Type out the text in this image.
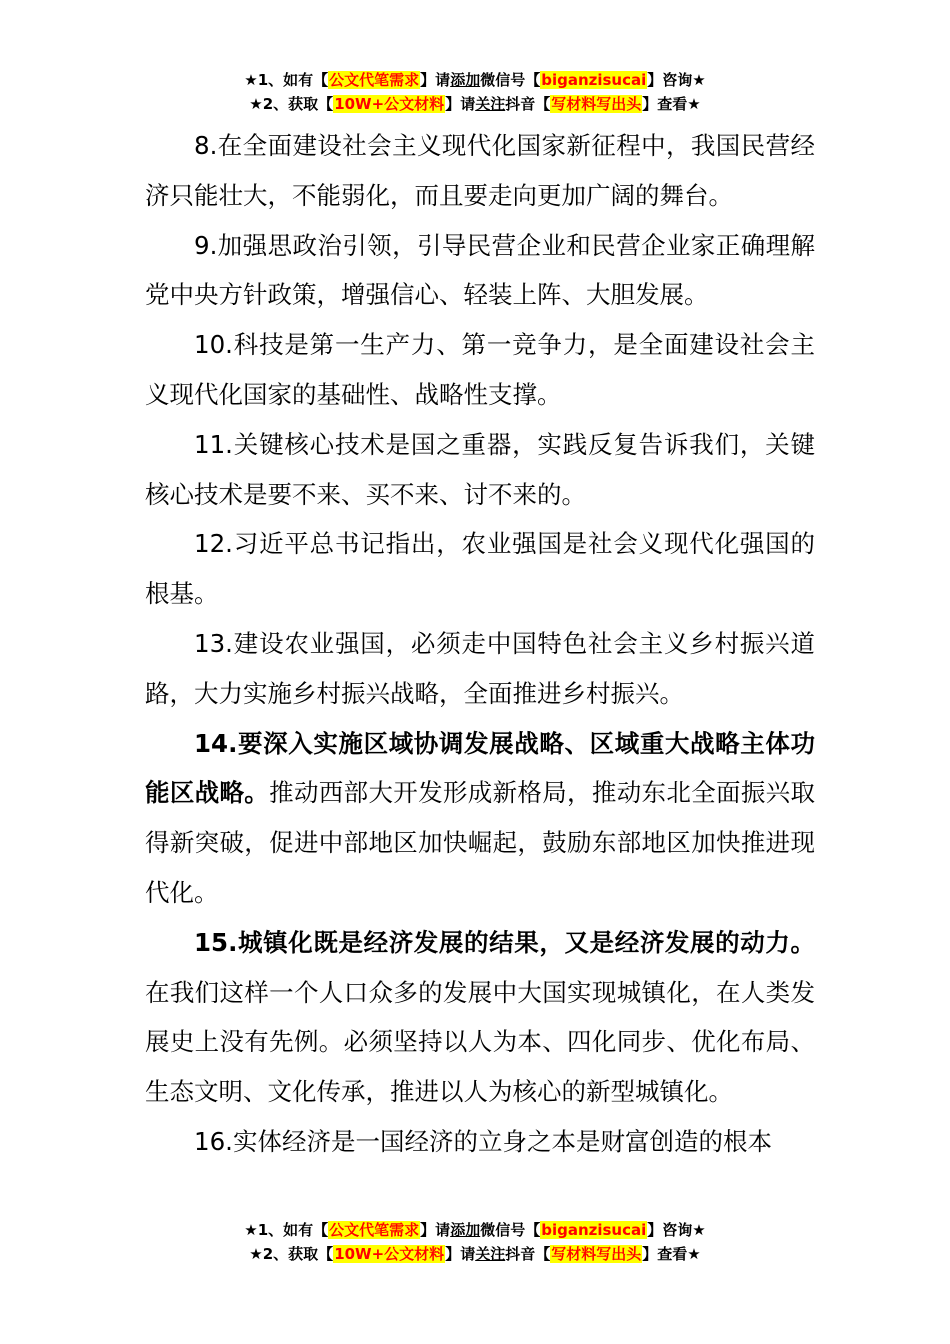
★1、如有【公文代笔需求】请添加微信号【biganzisucai】咨询★
★2、获取【10W+公文材料】请关注抖音【写材料写出头】查看★

8.在全面建设社会主义现代化国家新征程中，我国民营经济只能壮大，不能弱化，而且要走向更加广阔的舞台。

9.加强思政治引领，引导民营企业和民营企业家正确理解党中央方针政策，增强信心、轻装上阵、大胆发展。

10.科技是第一生产力、第一竞争力，是全面建设社会主义现代化国家的基础性、战略性支撑。

11.关键核心技术是国之重器，实践反复告诉我们，关键核心技术是要不来、买不来、讨不来的。

12.习近平总书记指出，农业强国是社会义现代化强国的根基。

13.建设农业强国，必须走中国特色社会主义乡村振兴道路，大力实施乡村振兴战略，全面推进乡村振兴。

14.要深入实施区域协调发展战略、区域重大战略主体功能区战略。推动西部大开发形成新格局，推动东北全面振兴取得新突破，促进中部地区加快崛起，鼓励东部地区加快推进现代化。

15.城镇化既是经济发展的结果，又是经济发展的动力。在我们这样一个人口众多的发展中大国实现城镇化，在人类发展史上没有先例。必须坚持以人为本、四化同步、优化布局、生态文明、文化传承，推进以人为核心的新型城镇化。

16.实体经济是一国经济的立身之本是财富创造的根本

★1、如有【公文代笔需求】请添加微信号【biganzisucai】咨询★
★2、获取【10W+公文材料】请关注抖音【写材料写出头】查看★
